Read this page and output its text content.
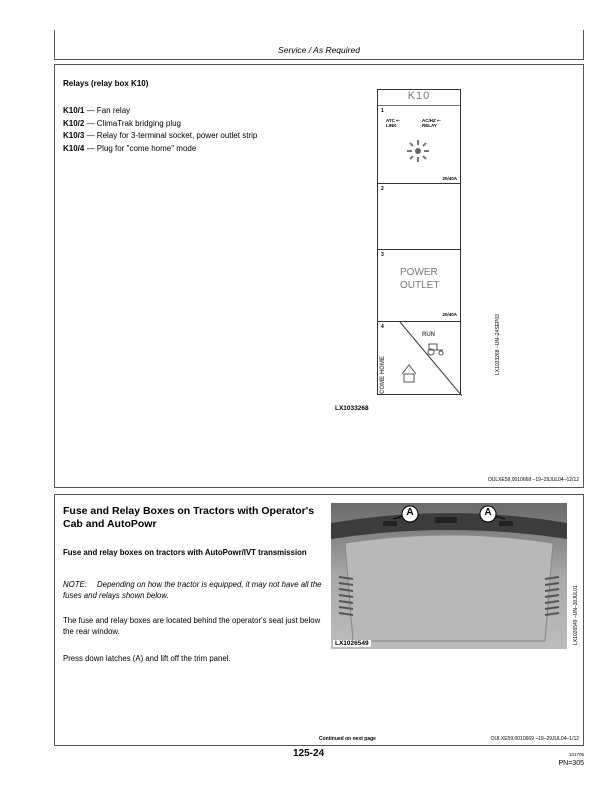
Service / As Required
Relays (relay box K10)
K10/1 — Fan relay
K10/2 — ClimaTrak bridging plug
K10/3 — Relay for 3-terminal socket, power outlet strip
K10/4 — Plug for "come home" mode
K10
1
ATC ⇠
LINK
AC/HZ ⇠
RELAY
20/40A
2
3
POWER
OUTLET
20/40A
4
RUN
COME HOME
LX1033268
LX1033268 –UN–24SEP03
OULXE59,0010668 –19–29JUL04–12/12
Fuse and Relay Boxes on Tractors with Operator's Cab and AutoPowr
Fuse and relay boxes on tractors with AutoPowr/IVT transmission
NOTE: Depending on how the tractor is equipped, it may not have all the fuses and relays shown below.
The fuse and relay boxes are located behind the operator's seat just below the rear window.
Press down latches (A) and lift off the trim panel.
A	A
LX1026549	LX1026549 –UN–30JUL01
Continued on next page	OULXE59,0010669 –19–29JUL04–1/12
125-24	101705
PN=305
